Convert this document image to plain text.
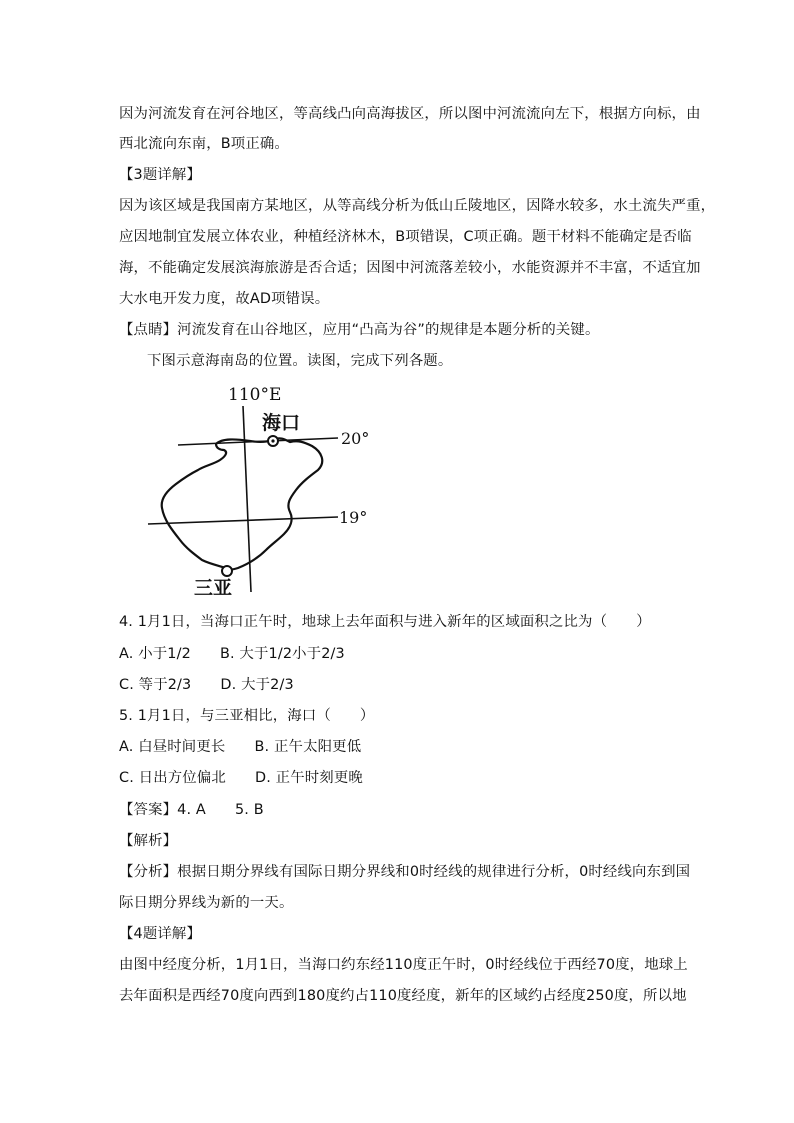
因为河流发育在河谷地区，等高线凸向高海拔区，所以图中河流流向左下，根据方向标，由
西北流向东南，B项正确。
【3题详解】
因为该区域是我国南方某地区，从等高线分析为低山丘陵地区，因降水较多，水土流失严重，
应因地制宜发展立体农业，种植经济林木，B项错误，C项正确。题干材料不能确定是否临
海，不能确定发展滨海旅游是否合适；因图中河流落差较小，水能资源并不丰富，不适宜加
大水电开发力度，故AD项错误。
【点睛】河流发育在山谷地区，应用“凸高为谷”的规律是本题分析的关键。
下图示意海南岛的位置。读图，完成下列各题。
110°E
20°
19°
海口
三亚
4. 1月1日，当海口正午时，地球上去年面积与进入新年的区域面积之比为（　　）
A. 小于1/2　　B. 大于1/2小于2/3
C. 等于2/3　　D. 大于2/3
5. 1月1日，与三亚相比，海口（　　）
A. 白昼时间更长　　B. 正午太阳更低
C. 日出方位偏北　　D. 正午时刻更晚
【答案】4. A　　5. B
【解析】
【分析】根据日期分界线有国际日期分界线和0时经线的规律进行分析，0时经线向东到国
际日期分界线为新的一天。
【4题详解】
由图中经度分析，1月1日，当海口约东经110度正午时，0时经线位于西经70度，地球上
去年面积是西经70度向西到180度约占110度经度，新年的区域约占经度250度，所以地
